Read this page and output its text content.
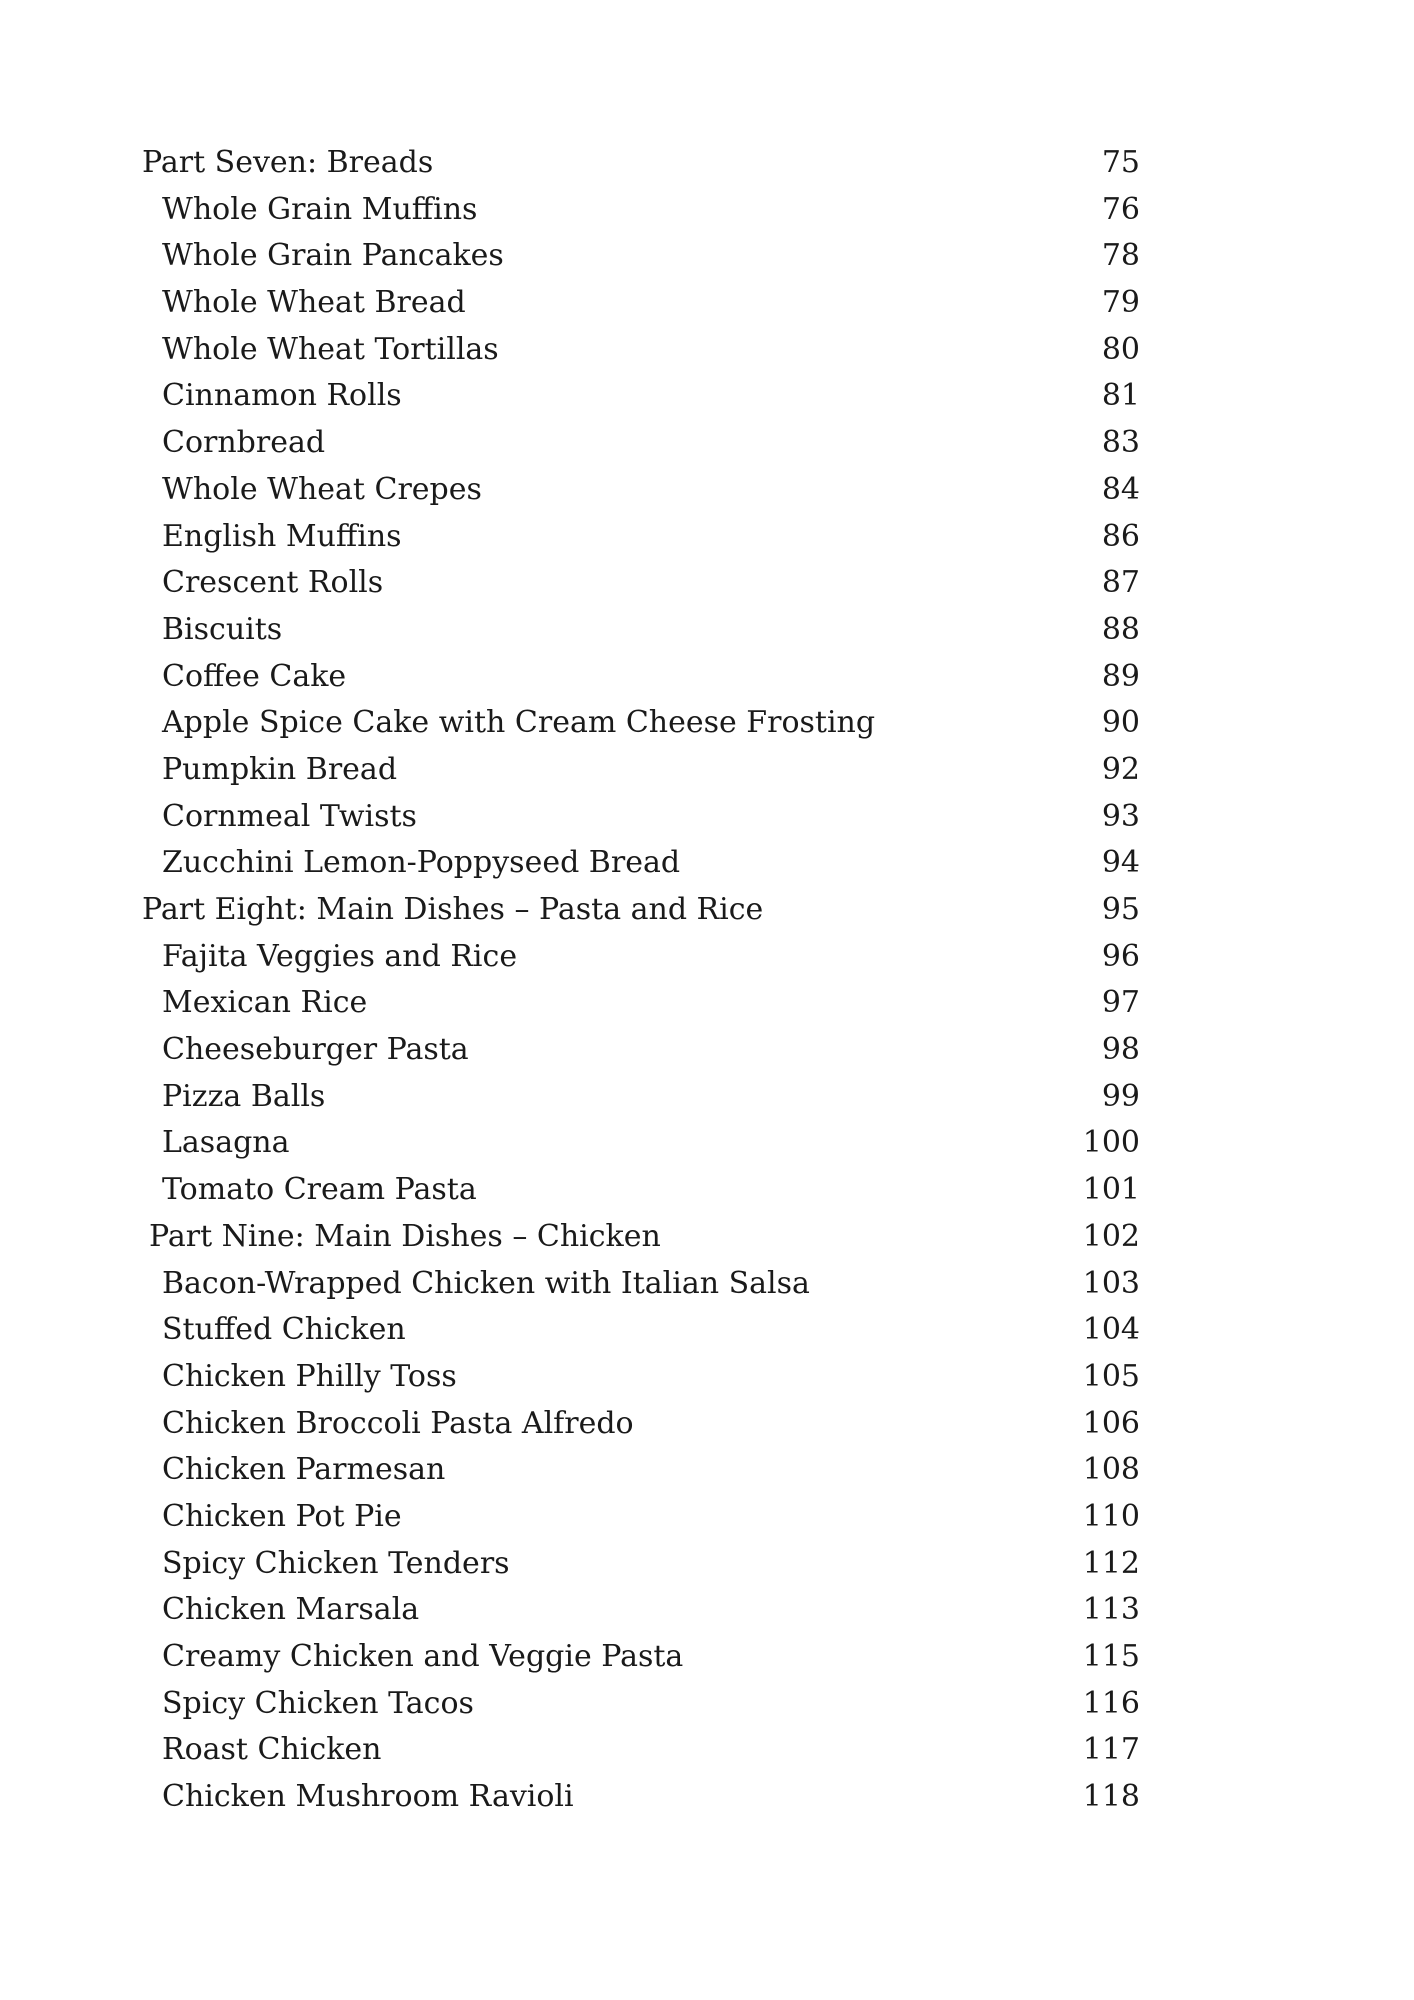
Part Seven: Breads	75
Whole Grain Muffins	76
Whole Grain Pancakes	78
Whole Wheat Bread	79
Whole Wheat Tortillas	80
Cinnamon Rolls	81
Cornbread	83
Whole Wheat Crepes	84
English Muffins	86
Crescent Rolls	87
Biscuits	88
Coffee Cake	89
Apple Spice Cake with Cream Cheese Frosting	90
Pumpkin Bread	92
Cornmeal Twists	93
Zucchini Lemon-Poppyseed Bread	94
Part Eight: Main Dishes – Pasta and Rice	95
Fajita Veggies and Rice	96
Mexican Rice	97
Cheeseburger Pasta	98
Pizza Balls	99
Lasagna	100
Tomato Cream Pasta	101
Part Nine: Main Dishes – Chicken	102
Bacon-Wrapped Chicken with Italian Salsa	103
Stuffed Chicken	104
Chicken Philly Toss	105
Chicken Broccoli Pasta Alfredo	106
Chicken Parmesan	108
Chicken Pot Pie	110
Spicy Chicken Tenders	112
Chicken Marsala	113
Creamy Chicken and Veggie Pasta	115
Spicy Chicken Tacos	116
Roast Chicken	117
Chicken Mushroom Ravioli	118
